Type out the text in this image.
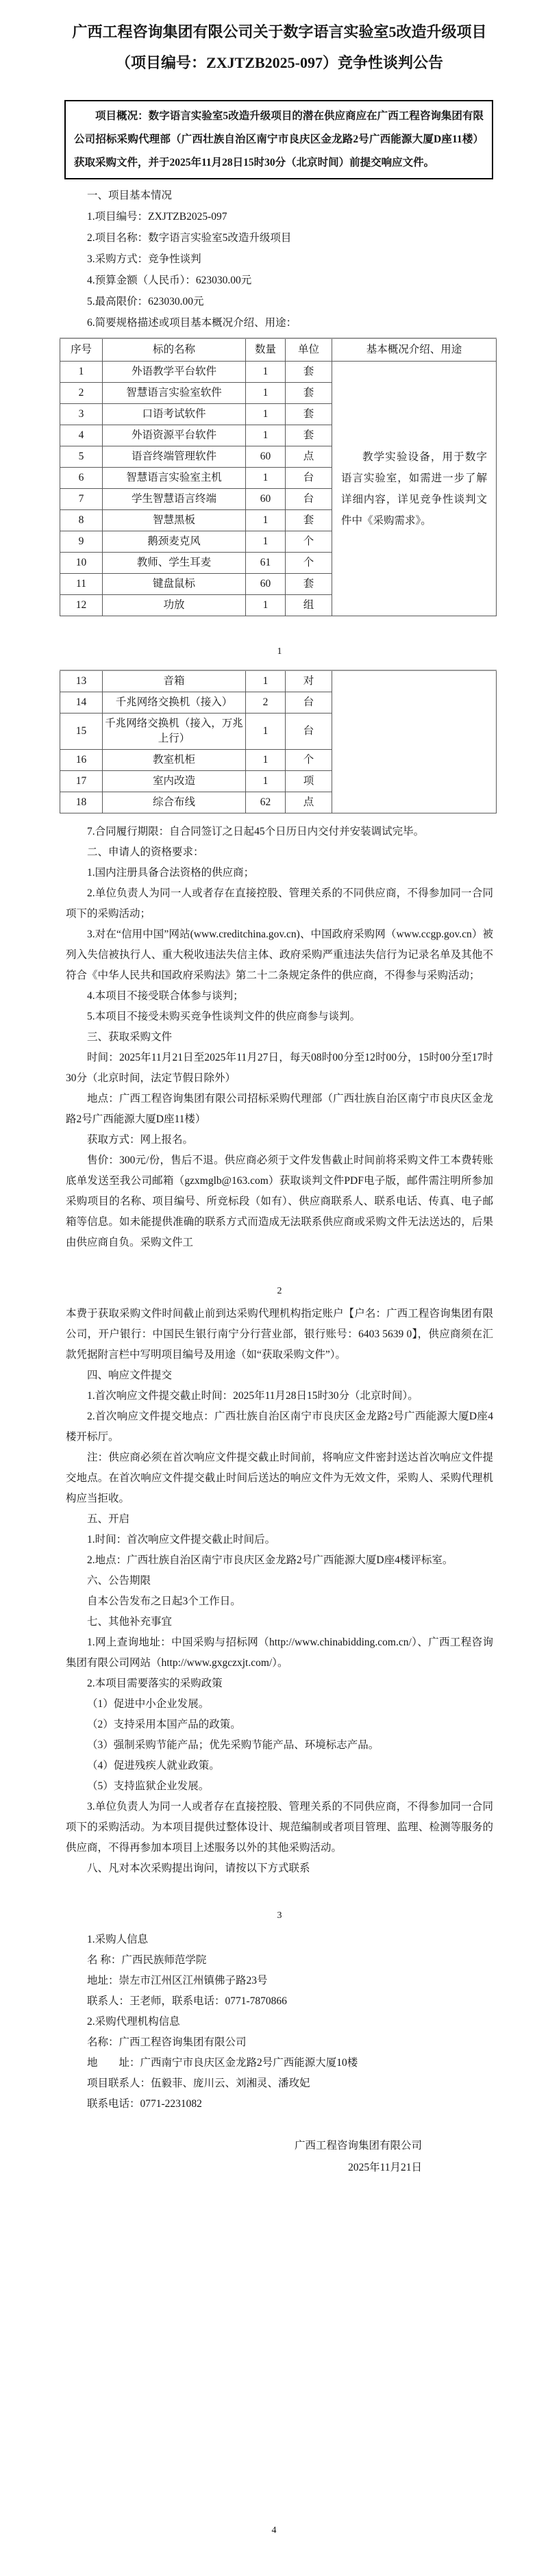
广西工程咨询集团有限公司关于数字语言实验室5改造升级项目
（项目编号：ZXJTZB2025-097）竞争性谈判公告

项目概况：数字语言实验室5改造升级项目的潜在供应商应在广西工程咨询集团有限公司招标采购代理部（广西壮族自治区南宁市良庆区金龙路2号广西能源大厦D座11楼）获取采购文件，并于2025年11月28日15时30分（北京时间）前提交响应文件。

一、项目基本情况

1.项目编号：ZXJTZB2025-097

2.项目名称：数字语言实验室5改造升级项目

3.采购方式：竞争性谈判

4.预算金额（人民币）：623030.00元

5.最高限价：623030.00元

6.简要规格描述或项目基本概况介绍、用途：

序号	标的名称	数量	单位	基本概况介绍、用途
1	外语教学平台软件	1	套	教学实验设备，用于数字语言实验室，如需进一步了解详细内容，详见竞争性谈判文件中《采购需求》。
2	智慧语言实验室软件	1	套	
3	口语考试软件	1	套	
4	外语资源平台软件	1	套	
5	语音终端管理软件	60	点	
6	智慧语言实验室主机	1	台	
7	学生智慧语言终端	60	台	
8	智慧黑板	1	套	
9	鹅颈麦克风	1	个	
10	教师、学生耳麦	61	个	
11	键盘鼠标	60	套	
12	功放	1	组	
1
13	音箱	1	对	
14	千兆网络交换机（接入）	2	台	
15	千兆网络交换机（接入，万兆上行）	1	台	
16	教室机柜	1	个	
17	室内改造	1	项	
18	综合布线	62	点	

7.合同履行期限：自合同签订之日起45个日历日内交付并安装调试完毕。

二、申请人的资格要求：

1.国内注册具备合法资格的供应商；

2.单位负责人为同一人或者存在直接控股、管理关系的不同供应商，不得参加同一合同项下的采购活动；

3.对在“信用中国”网站(www.creditchina.gov.cn)、中国政府采购网（www.ccgp.gov.cn）被列入失信被执行人、重大税收违法失信主体、政府采购严重违法失信行为记录名单及其他不符合《中华人民共和国政府采购法》第二十二条规定条件的供应商，不得参与采购活动；

4.本项目不接受联合体参与谈判；

5.本项目不接受未购买竞争性谈判文件的供应商参与谈判。

三、获取采购文件

时间：2025年11月21日至2025年11月27日，每天08时00分至12时00分，15时00分至17时30分（北京时间，法定节假日除外）

地点：广西工程咨询集团有限公司招标采购代理部（广西壮族自治区南宁市良庆区金龙路2号广西能源大厦D座11楼）

获取方式：网上报名。

售价：300元/份，售后不退。供应商必须于文件发售截止时间前将采购文件工本费转账底单发送至我公司邮箱（gzxmglb@163.com）获取谈判文件PDF电子版，邮件需注明所参加采购项目的名称、项目编号、所竞标段（如有）、供应商联系人、联系电话、传真、电子邮箱等信息。如未能提供准确的联系方式而造成无法联系供应商或采购文件无法送达的，后果由供应商自负。采购文件工

2

本费于获取采购文件时间截止前到达采购代理机构指定账户【户名：广西工程咨询集团有限公司，开户银行：中国民生银行南宁分行营业部，银行账号：6403 5639 0】，供应商须在汇款凭据附言栏中写明项目编号及用途（如“获取采购文件”）。

四、响应文件提交

1.首次响应文件提交截止时间：2025年11月28日15时30分（北京时间）。

2.首次响应文件提交地点：广西壮族自治区南宁市良庆区金龙路2号广西能源大厦D座4楼开标厅。

注：供应商必须在首次响应文件提交截止时间前，将响应文件密封送达首次响应文件提交地点。在首次响应文件提交截止时间后送达的响应文件为无效文件，采购人、采购代理机构应当拒收。

五、开启

1.时间：首次响应文件提交截止时间后。

2.地点：广西壮族自治区南宁市良庆区金龙路2号广西能源大厦D座4楼评标室。

六、公告期限

自本公告发布之日起3个工作日。

七、其他补充事宜

1.网上查询地址：中国采购与招标网（http://www.chinabidding.com.cn/）、广西工程咨询集团有限公司网站（http://www.gxgczxjt.com/）。

2.本项目需要落实的采购政策

（1）促进中小企业发展。

（2）支持采用本国产品的政策。

（3）强制采购节能产品；优先采购节能产品、环境标志产品。

（4）促进残疾人就业政策。

（5）支持监狱企业发展。

3.单位负责人为同一人或者存在直接控股、管理关系的不同供应商，不得参加同一合同项下的采购活动。为本项目提供过整体设计、规范编制或者项目管理、监理、检测等服务的供应商，不得再参加本项目上述服务以外的其他采购活动。

八、凡对本次采购提出询问，请按以下方式联系

3

1.采购人信息

名 称：广西民族师范学院

地址：崇左市江州区江州镇佛子路23号

联系人：王老师，联系电话：0771-7870866

2.采购代理机构信息

名称：广西工程咨询集团有限公司

地　　址：广西南宁市良庆区金龙路2号广西能源大厦10楼

项目联系人：伍毅菲、庞川云、刘湘灵、潘玫妃

联系电话：0771-2231082

广西工程咨询集团有限公司
2025年11月21日
4
